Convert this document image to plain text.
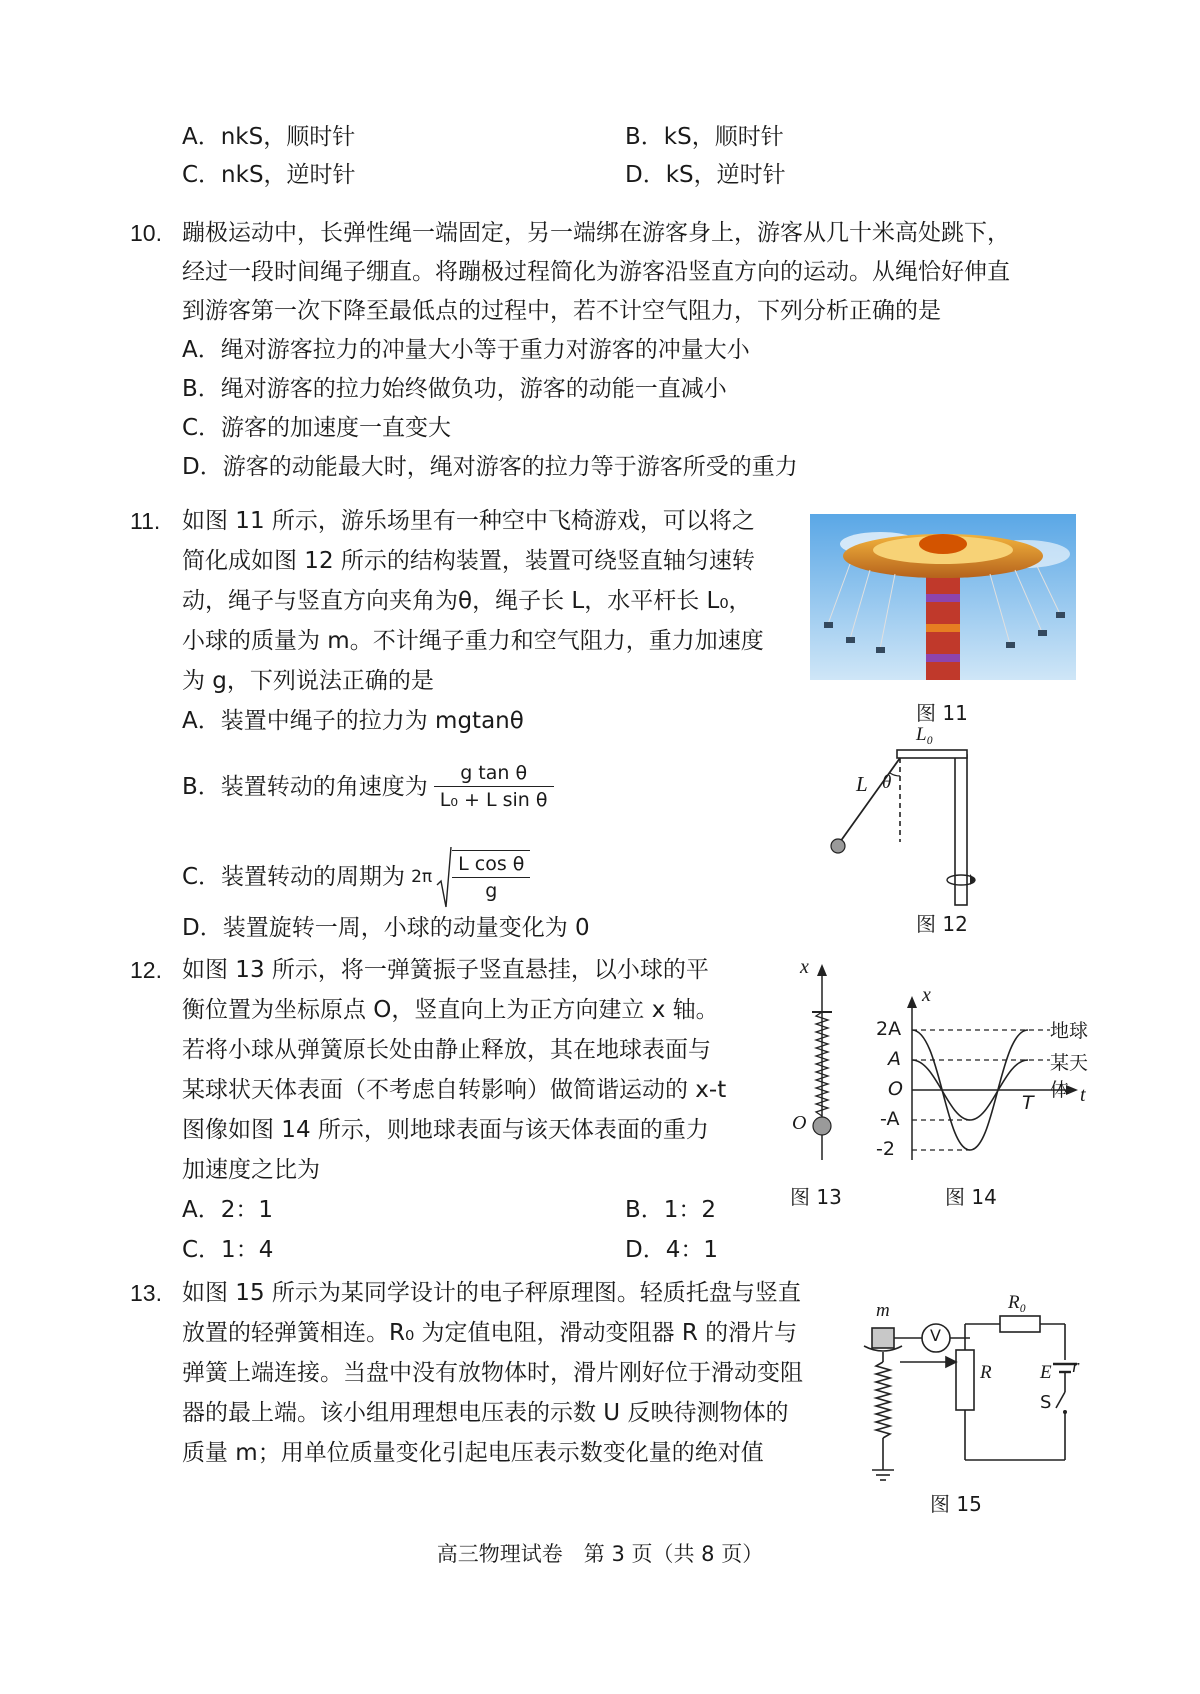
A．nkS，顺时针	B．kS，顺时针
C．nkS，逆时针	D．kS，逆时针
10. 蹦极运动中，长弹性绳一端固定，另一端绑在游客身上，游客从几十米高处跳下，
经过一段时间绳子绷直。将蹦极过程简化为游客沿竖直方向的运动。从绳恰好伸直
到游客第一次下降至最低点的过程中，若不计空气阻力，下列分析正确的是
A．绳对游客拉力的冲量大小等于重力对游客的冲量大小
B．绳对游客的拉力始终做负功，游客的动能一直减小
C．游客的加速度一直变大
D．游客的动能最大时，绳对游客的拉力等于游客所受的重力
11. 如图 11 所示，游乐场里有一种空中飞椅游戏，可以将之
简化成如图 12 所示的结构装置，装置可绕竖直轴匀速转
动，绳子与竖直方向夹角为θ，绳子长 L，水平杆长 L₀，
小球的质量为 m。不计绳子重力和空气阻力，重力加速度
为 g，下列说法正确的是
A．装置中绳子的拉力为 mgtanθ
B．装置转动的角速度为 $\frac{\text{g tan θ}}{\text{L₀ + L sin θ}}$
C．装置转动的周期为 $2\pi \frac{\text{L cos θ}}{g}$
D．装置旋转一周，小球的动量变化为 0
图 11
L₀
L θ
图 12
12. 如图 13 所示，将一弹簧振子竖直悬挂，以小球的平
衡位置为坐标原点 O，竖直向上为正方向建立 x 轴。
若将小球从弹簧原长处由静止释放，其在地球表面与
某球状天体表面（不考虑自转影响）做简谐运动的 x-t
图像如图 14 所示，则地球表面与该天体表面的重力
加速度之比为
A．2：1	B．1：2
C．1：4	D．4：1
x
O
图 13
x
2A
A
O
-A
-2
T t
地球
某天体
图 14
13. 如图 15 所示为某同学设计的电子秤原理图。轻质托盘与竖直
放置的轻弹簧相连。R₀ 为定值电阻，滑动变阻器 R 的滑片与
弹簧上端连接。当盘中没有放物体时，滑片刚好位于滑动变阻
器的最上端。该小组用理想电压表的示数 U 反映待测物体的
质量 m；用单位质量变化引起电压表示数变化量的绝对值
m
V
R₀
R	E r
S
图 15
高三物理试卷　第 3 页（共 8 页）
